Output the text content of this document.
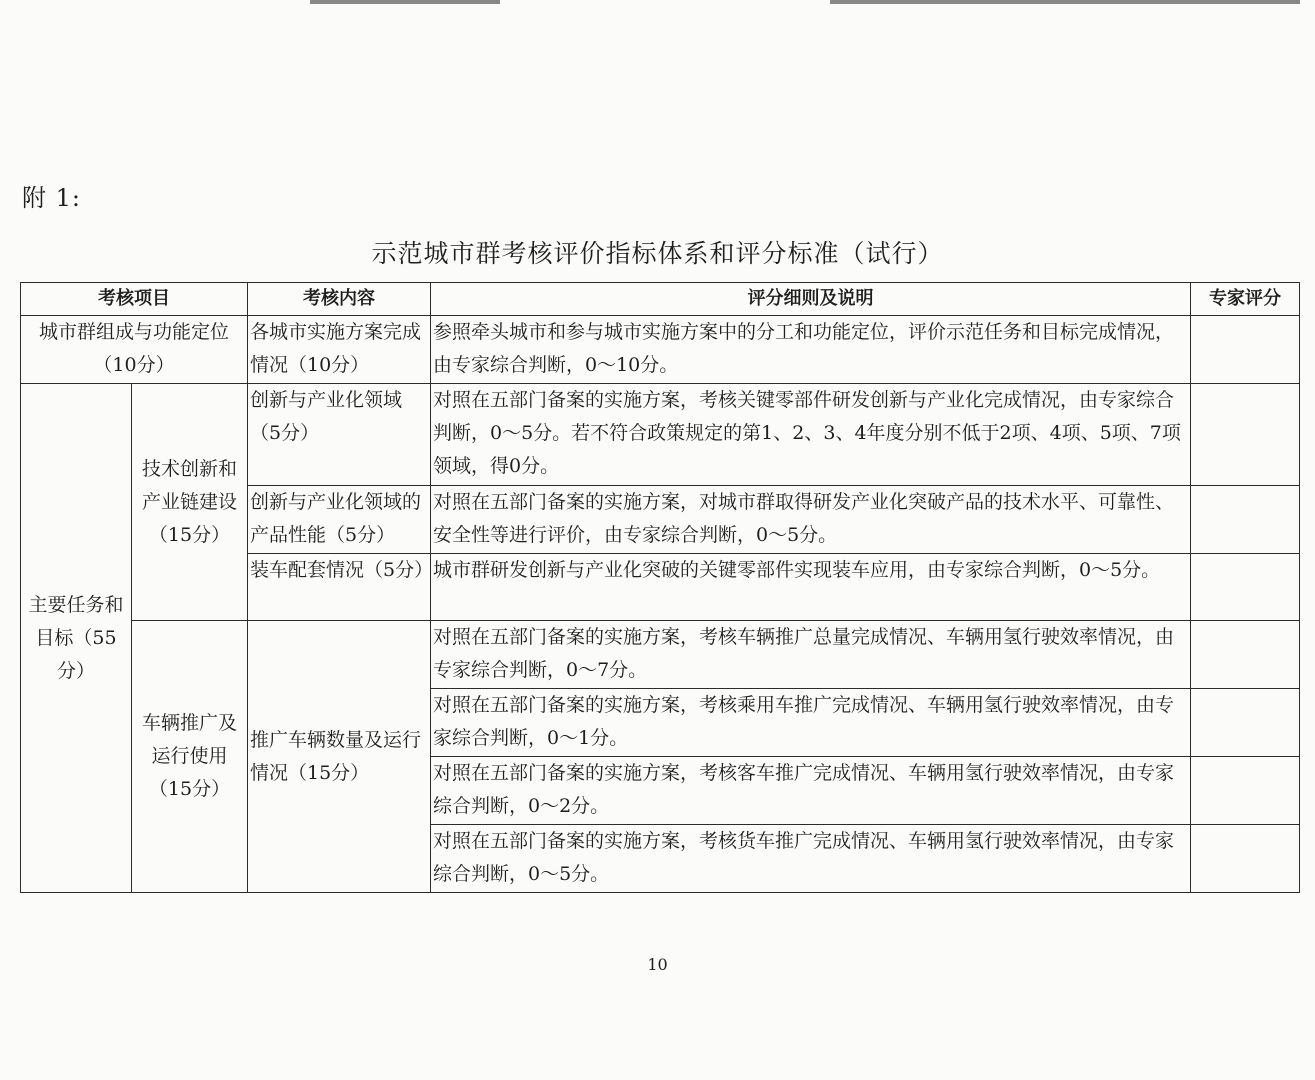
附 1:
示范城市群考核评价指标体系和评分标准（试行）
考核项目		考核内容	评分细则及说明	专家评分
城市群组成与功能定位（10分）		各城市实施方案完成情况（10分）	参照牵头城市和参与城市实施方案中的分工和功能定位，评价示范任务和目标完成情况，由专家综合判断，0～10分。	
主要任务和目标（55分）	技术创新和产业链建设（15分）	创新与产业化领域（5分）	对照在五部门备案的实施方案，考核关键零部件研发创新与产业化完成情况，由专家综合判断，0～5分。若不符合政策规定的第1、2、3、4年度分别不低于2项、4项、5项、7项领域，得0分。	
		创新与产业化领域的产品性能（5分）	对照在五部门备案的实施方案，对城市群取得研发产业化突破产品的技术水平、可靠性、安全性等进行评价，由专家综合判断，0～5分。	
		装车配套情况（5分）	城市群研发创新与产业化突破的关键零部件实现装车应用，由专家综合判断，0～5分。	
	车辆推广及运行使用（15分）	推广车辆数量及运行情况（15分）	对照在五部门备案的实施方案，考核车辆推广总量完成情况、车辆用氢行驶效率情况，由专家综合判断，0～7分。	
			对照在五部门备案的实施方案，考核乘用车推广完成情况、车辆用氢行驶效率情况，由专家综合判断，0～1分。	
			对照在五部门备案的实施方案，考核客车推广完成情况、车辆用氢行驶效率情况，由专家综合判断，0～2分。	
			对照在五部门备案的实施方案，考核货车推广完成情况、车辆用氢行驶效率情况，由专家综合判断，0～5分。	
10
